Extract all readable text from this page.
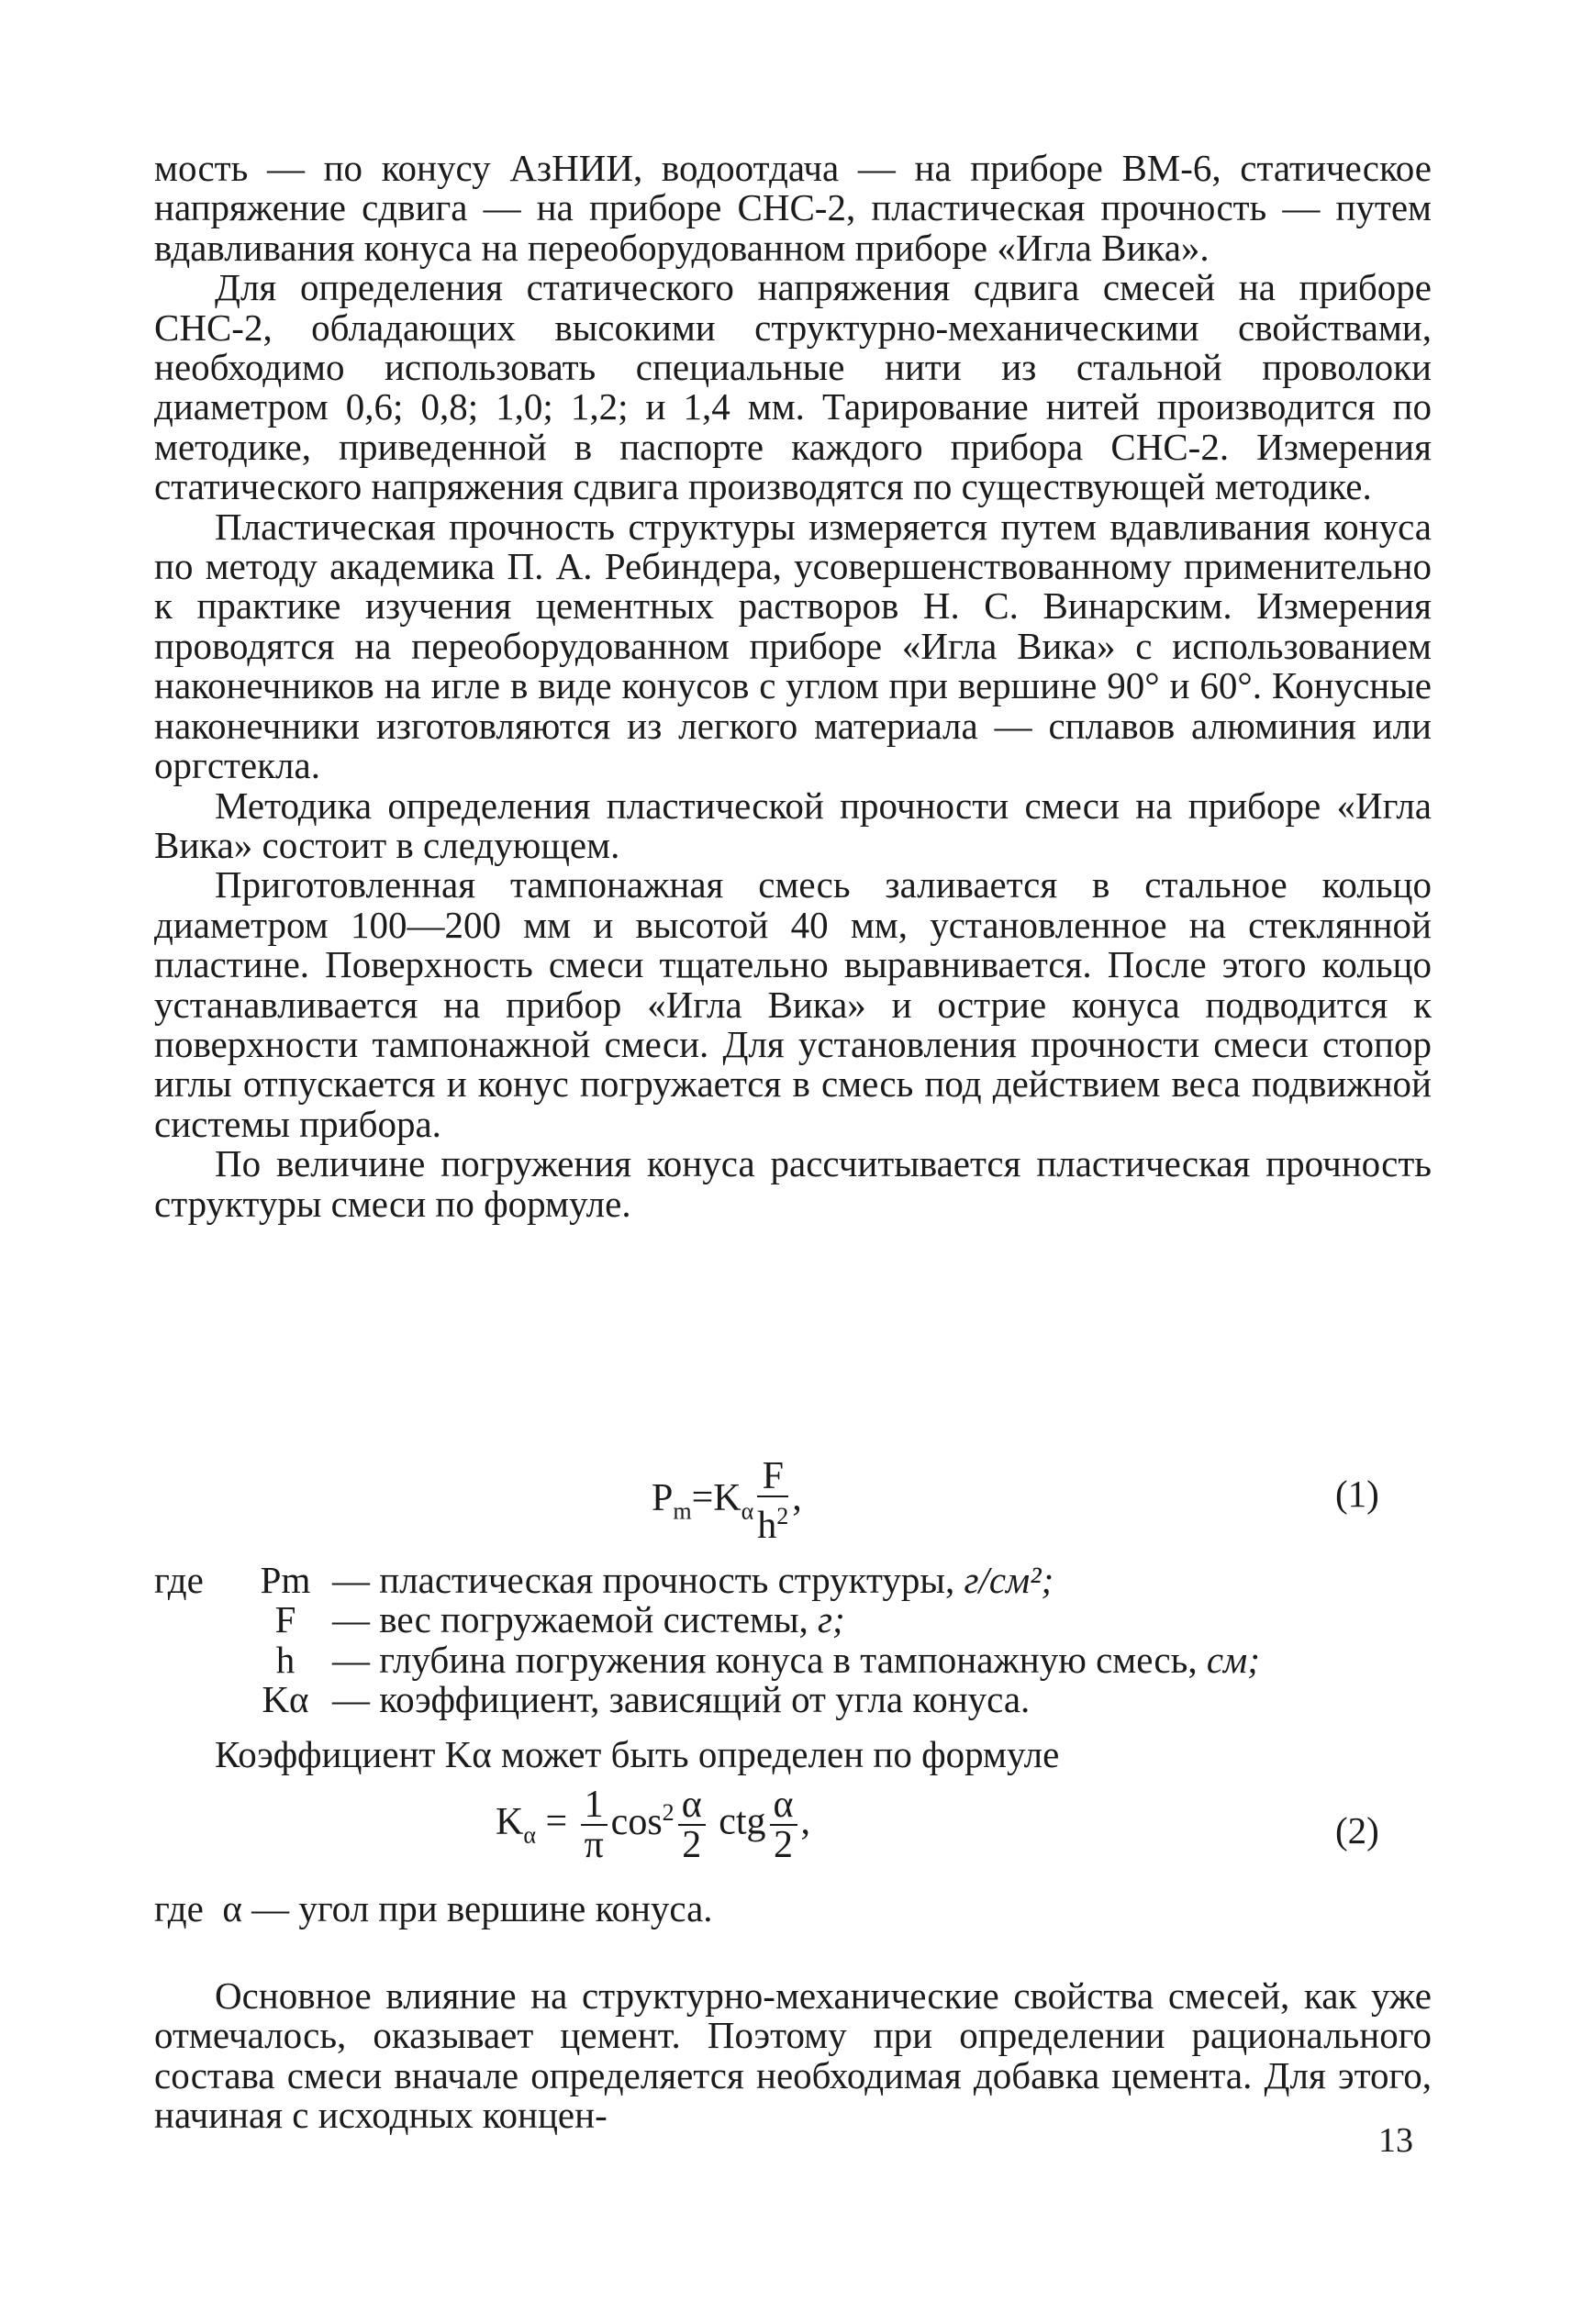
мость — по конусу АзНИИ, водоотдача — на приборе ВМ-6, статическое напряжение сдвига — на приборе СНС-2, пластическая прочность — путем вдавливания конуса на переоборудованном приборе «Игла Вика».

Для определения статического напряжения сдвига смесей на приборе СНС-2, обладающих высокими структурно-механическими свойствами, необходимо использовать специальные нити из стальной проволоки диаметром 0,6; 0,8; 1,0; 1,2; и 1,4 мм. Тарирование нитей производится по методике, приведенной в паспорте каждого прибора СНС-2. Измерения статического напряжения сдвига производятся по существующей методике.

Пластическая прочность структуры измеряется путем вдавливания конуса по методу академика П. А. Ребиндера, усовершенствованному применительно к практике изучения цементных растворов Н. С. Винарским. Измерения проводятся на переоборудованном приборе «Игла Вика» с использованием наконечников на игле в виде конусов с углом при вершине 90° и 60°. Конусные наконечники изготовляются из легкого материала — сплавов алюминия или оргстекла.

Методика определения пластической прочности смеси на приборе «Игла Вика» состоит в следующем.

Приготовленная тампонажная смесь заливается в стальное кольцо диаметром 100—200 мм и высотой 40 мм, установленное на стеклянной пластине. Поверхность смеси тщательно выравнивается. После этого кольцо устанавливается на прибор «Игла Вика» и острие конуса подводится к поверхности тампонажной смеси. Для установления прочности смеси стопор иглы отпускается и конус погружается в смесь под действием веса подвижной системы прибора.

По величине погружения конуса рассчитывается пластическая прочность структуры смеси по формуле.

$P_m=K_\alpha \frac{F}{h^2}$ ,	(1)
где	Pm — пластическая прочность структуры, г/см²;
F — вес погружаемой системы, г;
h — глубина погружения конуса в тампонажную смесь, см;
Kα — коэффициент, зависящий от угла конуса.
Коэффициент Kα может быть определен по формуле
$K_\alpha = \frac{1}{\pi} \cos^2 \frac{\alpha}{2}$ ctg $\frac{\alpha}{2}$ ,	(2)
где  α — угол при вершине конуса.

Основное влияние на структурно-механические свойства смесей, как уже отмечалось, оказывает цемент. Поэтому при определении рационального состава смеси вначале определяется необходимая добавка цемента. Для этого, начиная с исходных концен-

13
